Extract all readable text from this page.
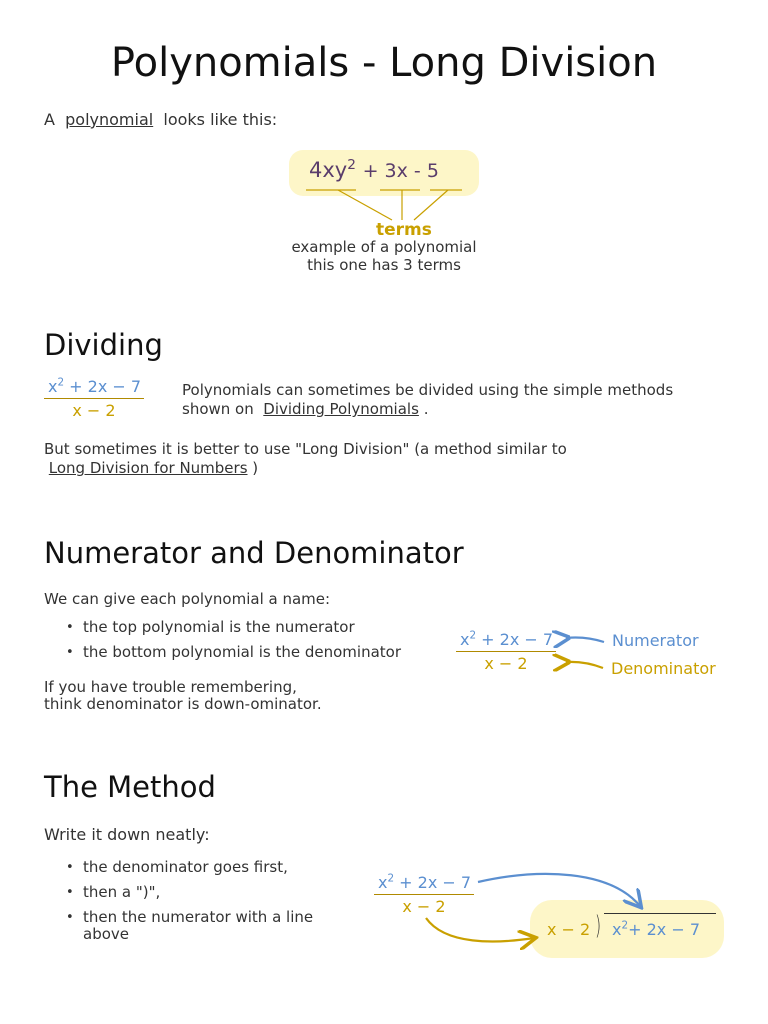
Polynomials - Long Division
A polynomial looks like this:
$4xy^2 + 3x - 5$
terms
example of a polynomial
this one has 3 terms
Dividing
$x^2 + 2x - 7$
x − 2
Polynomials can sometimes be divided using the simple methods
shown on Dividing Polynomials .
But sometimes it is better to use "Long Division" (a method similar to
Long Division for Numbers )
Numerator and Denominator
We can give each polynomial a name:
• the top polynomial is the numerator
• the bottom polynomial is the denominator
If you have trouble remembering,
think denominator is down-ominator.
$x^2 + 2x - 7$
x − 2
Numerator
Denominator
The Method
Write it down neatly:
• the denominator goes first,
• then a ")",
• then the numerator with a line
above
$x^2 + 2x - 7$
x − 2
x − 2 ) $x^2+ 2x - 7$
